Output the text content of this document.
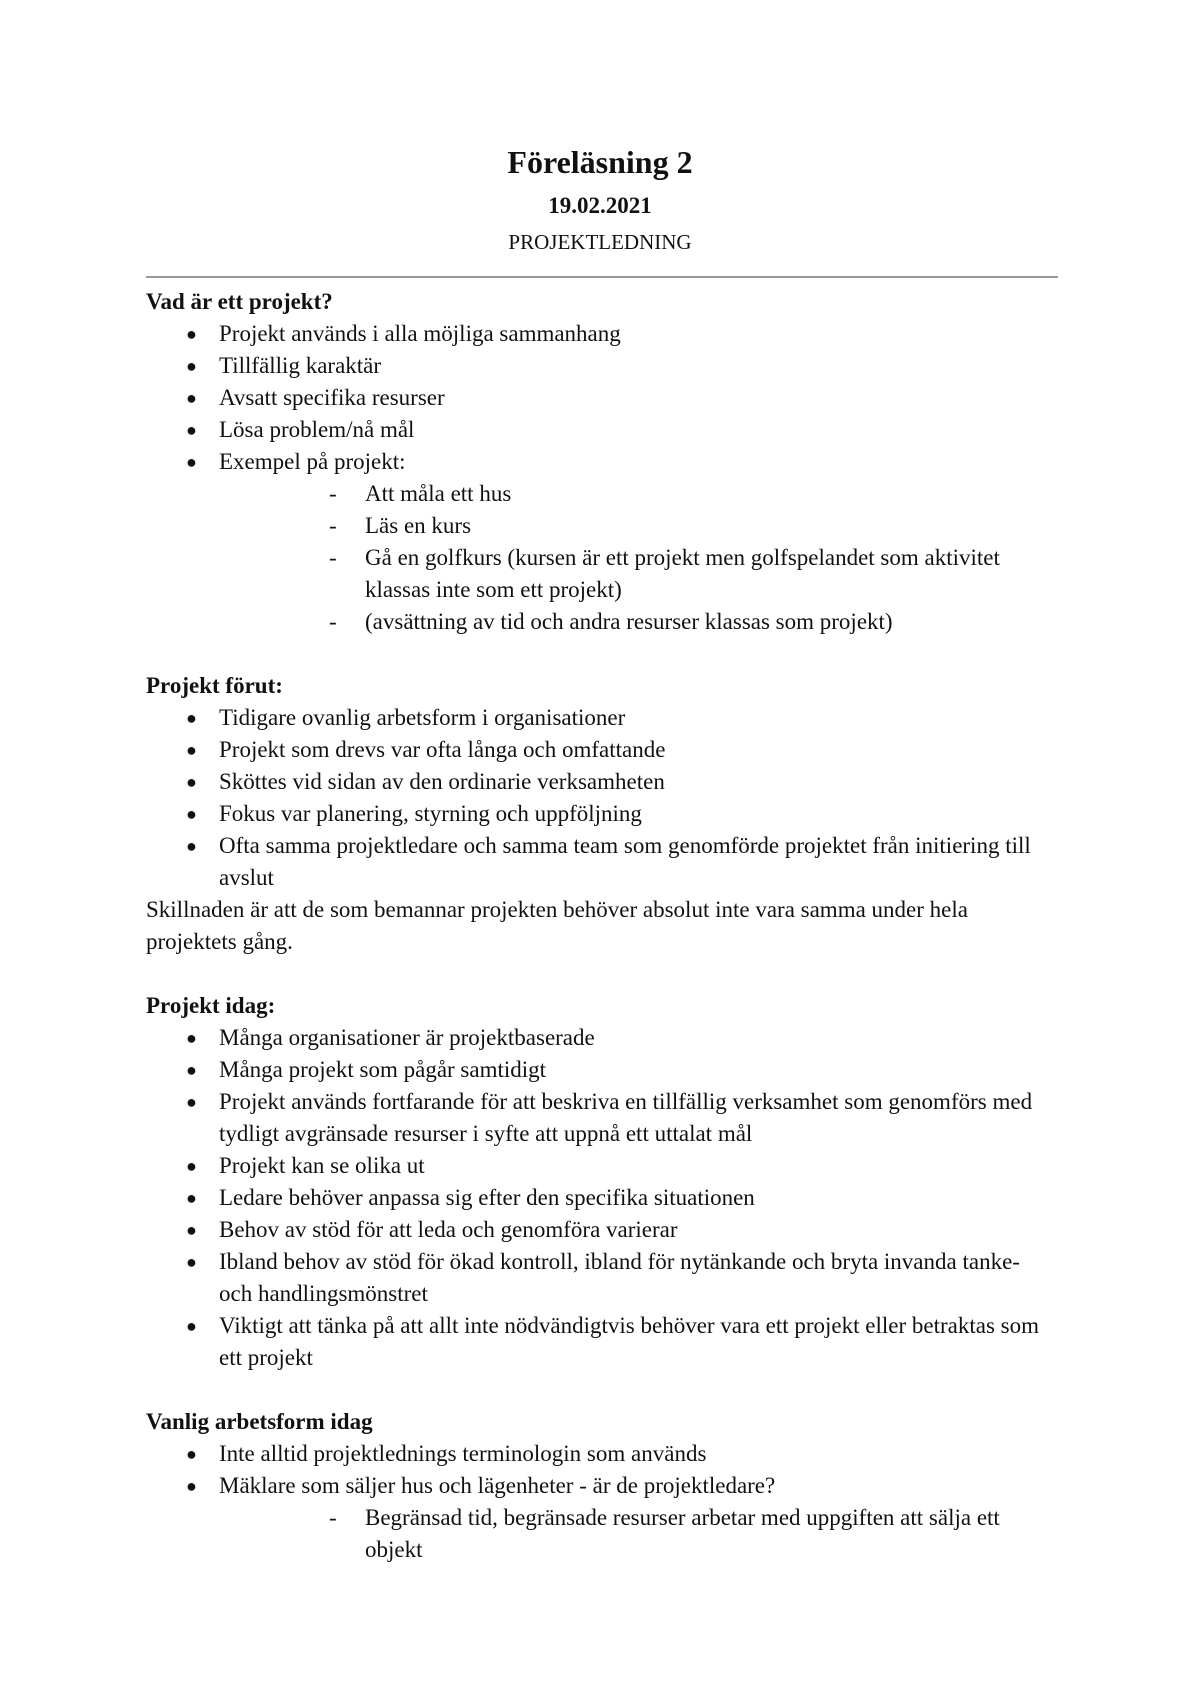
Föreläsning 2
19.02.2021
PROJEKTLEDNING
Vad är ett projekt?
● Projekt används i alla möjliga sammanhang
● Tillfällig karaktär
● Avsatt specifika resurser
● Lösa problem/nå mål
● Exempel på projekt:
- Att måla ett hus
- Läs en kurs
- Gå en golfkurs (kursen är ett projekt men golfspelandet som aktivitet klassas inte som ett projekt)
- (avsättning av tid och andra resurser klassas som projekt)
Projekt förut:
● Tidigare ovanlig arbetsform i organisationer
● Projekt som drevs var ofta långa och omfattande
● Sköttes vid sidan av den ordinarie verksamheten
● Fokus var planering, styrning och uppföljning
● Ofta samma projektledare och samma team som genomförde projektet från initiering till avslut

Skillnaden är att de som bemannar projekten behöver absolut inte vara samma under hela projektets gång.

Projekt idag:
● Många organisationer är projektbaserade
● Många projekt som pågår samtidigt
● Projekt används fortfarande för att beskriva en tillfällig verksamhet som genomförs med tydligt avgränsade resurser i syfte att uppnå ett uttalat mål
● Projekt kan se olika ut
● Ledare behöver anpassa sig efter den specifika situationen
● Behov av stöd för att leda och genomföra varierar
● Ibland behov av stöd för ökad kontroll, ibland för nytänkande och bryta invanda tanke- och handlingsmönstret
● Viktigt att tänka på att allt inte nödvändigtvis behöver vara ett projekt eller betraktas som ett projekt
Vanlig arbetsform idag
● Inte alltid projektlednings terminologin som används
● Mäklare som säljer hus och lägenheter - är de projektledare?
- Begränsad tid, begränsade resurser arbetar med uppgiften att sälja ett objekt
